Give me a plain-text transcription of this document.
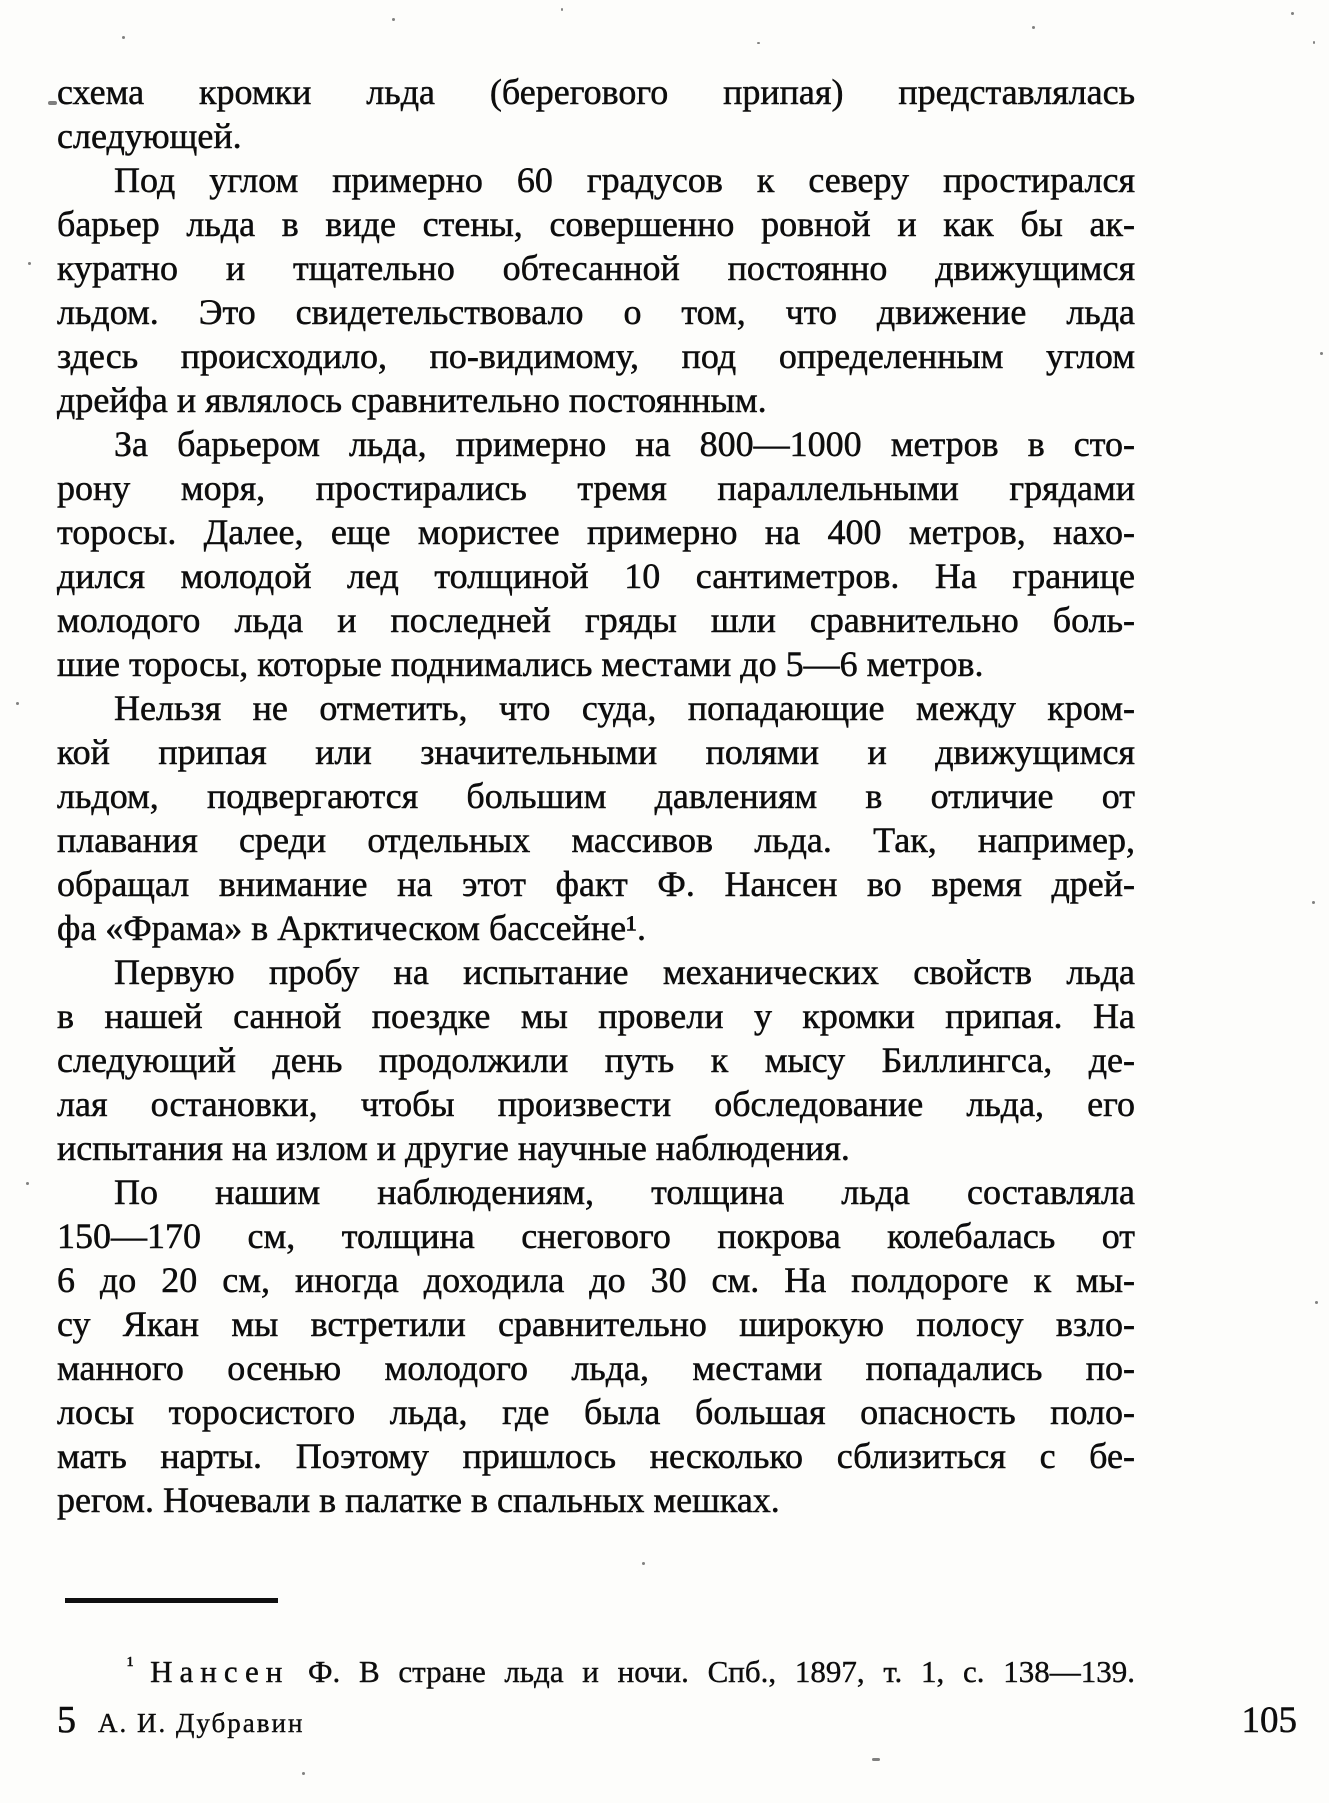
схема кромки льда (берегового припая) представлялась
следующей.
Под углом примерно 60 градусов к северу простирался
барьер льда в виде стены, совершенно ровной и как бы ак-
куратно и тщательно обтесанной постоянно движущимся
льдом. Это свидетельствовало о том, что движение льда
здесь происходило, по-видимому, под определенным углом
дрейфа и являлось сравнительно постоянным.
За барьером льда, примерно на 800—1000 метров в сто-
рону моря, простирались тремя параллельными грядами
торосы. Далее, еще мористее примерно на 400 метров, нахо-
дился молодой лед толщиной 10 сантиметров. На границе
молодого льда и последней гряды шли сравнительно боль-
шие торосы, которые поднимались местами до 5—6 метров.
Нельзя не отметить, что суда, попадающие между кром-
кой припая или значительными полями и движущимся
льдом, подвергаются большим давлениям в отличие от
плавания среди отдельных массивов льда. Так, например,
обращал внимание на этот факт Ф. Нансен во время дрей-
фа «Фрама» в Арктическом бассейне¹.
Первую пробу на испытание механических свойств льда
в нашей санной поездке мы провели у кромки припая. На
следующий день продолжили путь к мысу Биллингса, де-
лая остановки, чтобы произвести обследование льда, его
испытания на излом и другие научные наблюдения.
По нашим наблюдениям, толщина льда составляла
150—170 см, толщина снегового покрова колебалась от
6 до 20 см, иногда доходила до 30 см. На полдороге к мы-
су Якан мы встретили сравнительно широкую полосу взло-
манного осенью молодого льда, местами попадались по-
лосы торосистого льда, где была большая опасность поло-
мать нарты. Поэтому пришлось несколько сблизиться с бе-
регом. Ночевали в палатке в спальных мешках.
$^{^1}$ Нансен Ф. В стране льда и ночи. Спб., 1897, т. 1, с. 138—139.
5 А. И. Дубравин	105
